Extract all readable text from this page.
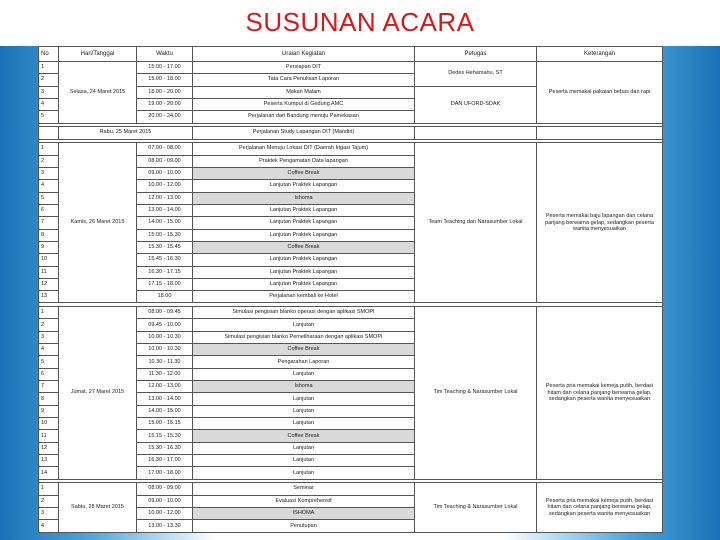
SUSUNAN ACARA
No	Hari/Tanggal	Waktu	Uraian Kegiatan	Petugas	Keterangan
1	Selasa, 24 Maret 2015	15.00 - 17.00	Persiapan DIT	Dedes Hehamahu, ST	Peserta memakai pakaian bebas dan rapi
2		15.00 - 18.00	Tata Cara Penulisan Laporan		
3		18.00 - 20.00	Makan Malam	DAN UFORD-SDAK	
4		19.00 - 20.00	Peserta Kumpul di Gedung AMC		
5		20.00 - 24.00	Perjalanan dari Bandung menuju Pamekasan		

	Rabu, 25 Maret 2015		Perjalanan Study Lapangan DIT (Mandiri)		

1	Kamis, 26 Maret 2015	07.00 - 08.00	Perjalanan Menuju Lokasi DIT (Daerah Irigasi Tajum)	Team Teaching dan Narasumber Lokal	Peserta memakai baju lapangan dan celana panjang berwarna gelap, sedangkan peserta wanita menyesuaikan
2		08.00 - 09.00	Praktek Pengamatan Data lapangan		
3		09.00 - 10.00	Coffee Break		
4		10.00 - 12.00	Lanjutan Praktek Lapangan		
5		12.00 - 13.00	Ishoma		
6		13.00 - 14.00	Lanjutan Praktek Lapangan		
7		14.00 - 15.00	Lanjutan Praktek Lapangan		
8		15.00 - 15.30	Lanjutan Praktek Lapangan		
9		15.30 - 15.45	Coffee Break		
10		15.45 - 16.30	Lanjutan Praktek Lapangan		
11		16.30 - 17.15	Lanjutan Praktek Lapangan		
12		17.15 - 18.00	Lanjutan Praktek Lapangan		
13		18.00	Perjalanan kembali ke Hotel		

1	Jumat, 27 Maret 2015	08.00 - 09.45	Simulasi pengisian blanko operasi dengan aplikasi SMOPI	Tim Teaching & Narasumber Lokal	Peserta pria memakai kemeja putih, berdasi hitam dan celana panjang berwarna gelap, sedangkan peserta wanita menyesuaikan
2		09.45 - 10.00	Lanjutan		
3		10.00 - 10.30	Simulasi pengisian blanko Pemeliharaan dengan aplikasi SMOPI		
4		10.00 - 10.30	Coffee Break		
5		10.30 - 11.30	Pengarahan Laporan		
6		11.30 - 12.00	Lanjutan		
7		12.00 - 13.00	Ishoma		
8		13.00 - 14.00	Lanjutan		
9		14.00 - 15.00	Lanjutan		
10		15.00 - 15.15	Lanjutan		
11		15.15 - 15.30	Coffee Break		
12		15.30 - 16.30	Lanjutan		
13		16.30 - 17.00	Lanjutan		
14		17.00 - 18.00	Lanjutan		

1	Sabtu, 28 Maret 2015	08.00 - 09.00	Seminar	Tim Teaching & Narasumber Lokal	Peserta pria memakai kemeja putih, berdasi hitam dan celana panjang berwarna gelap, sedangkan peserta wanita menyesuaikan
2		09.00 - 10.00	Evaluasi Komprehensif		
3		10.00 - 12.00	ISHOMA		
4		13.00 - 13.30	Penutupan		
